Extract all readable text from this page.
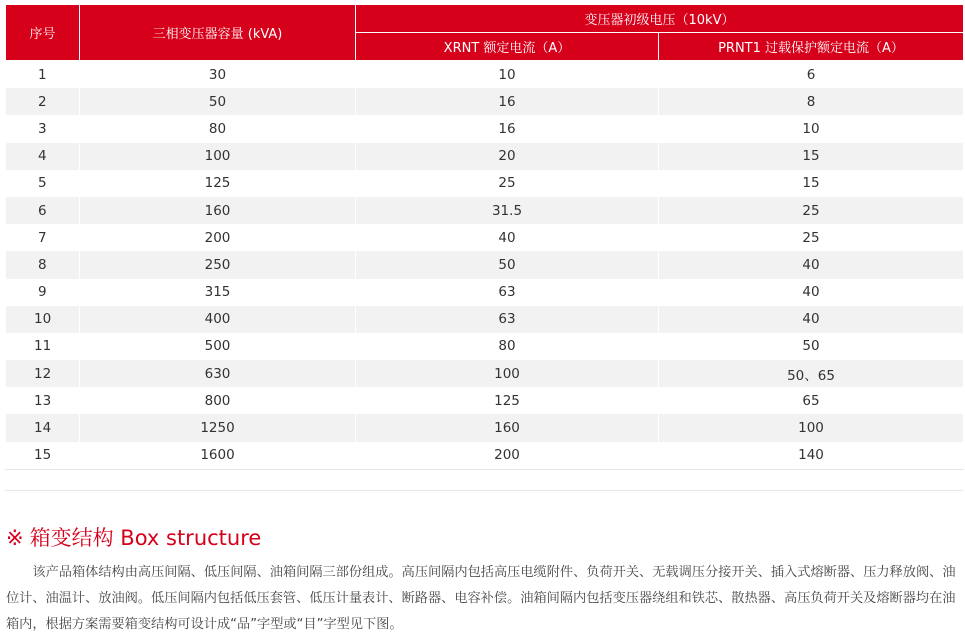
序号	三相变压器容量 (kVA)	变压器初级电压（10kV）	
		XRNT 额定电流（A）	PRNT1 过载保护额定电流（A）
1	30	10	6
2	50	16	8
3	80	16	10
4	100	20	15
5	125	25	15
6	160	31.5	25
7	200	40	25
8	250	50	40
9	315	63	40
10	400	63	40
11	500	80	50
12	630	100	50、65
13	800	125	65
14	1250	160	100
15	1600	200	140
※ 箱变结构 Box structure

该产品箱体结构由高压间隔、低压间隔、油箱间隔三部份组成。高压间隔内包括高压电缆附件、负荷开关、无载调压分接开关、插入式熔断器、压力释放阀、油位计、油温计、放油阀。低压间隔内包括低压套管、低压计量表计、断路器、电容补偿。油箱间隔内包括变压器绕组和铁芯、散热器、高压负荷开关及熔断器均在油箱内，根据方案需要箱变结构可设计成“品”字型或“目”字型见下图。
